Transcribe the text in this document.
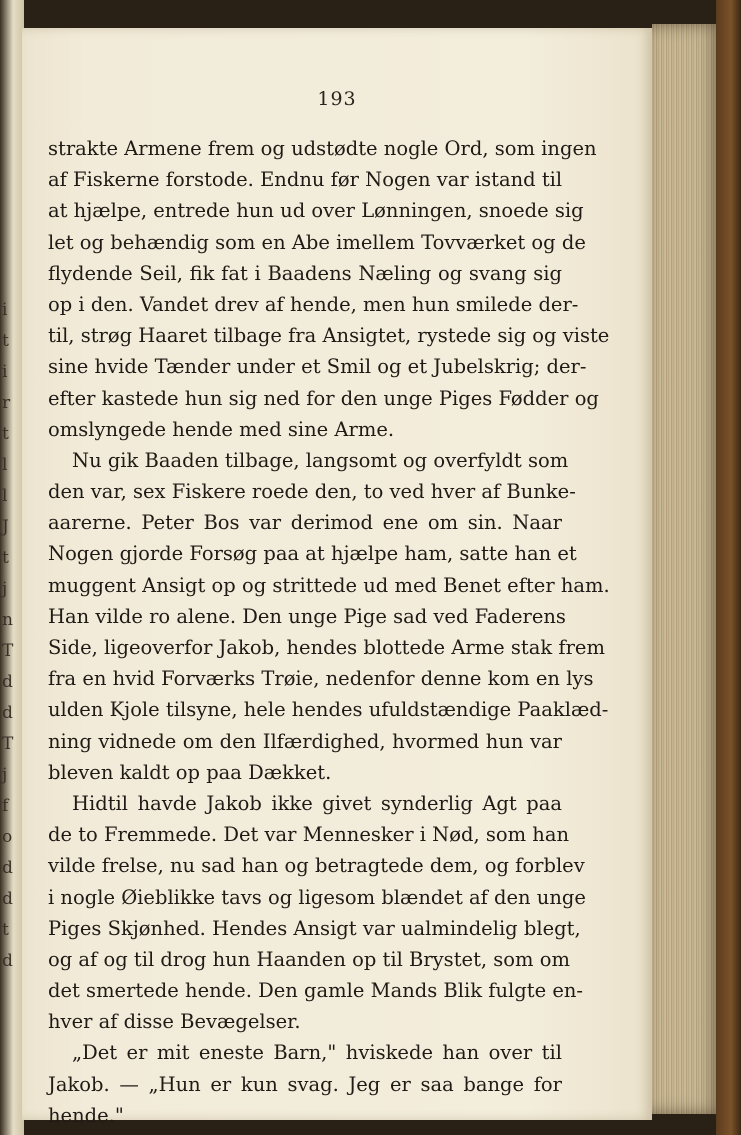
i
t
i
r
t
l
l
J
t
j
n
T
d
d
T
j
f
o
d
d
t
d
193
strakte Armene frem og udstødte nogle Ord, som ingen
af Fiskerne forstode. Endnu før Nogen var istand til
at hjælpe, entrede hun ud over Lønningen, snoede sig
let og behændig som en Abe imellem Tovværket og de
flydende Seil, fik fat i Baadens Næling og svang sig
op i den. Vandet drev af hende, men hun smilede der-
til, strøg Haaret tilbage fra Ansigtet, rystede sig og viste
sine hvide Tænder under et Smil og et Jubelskrig; der-
efter kastede hun sig ned for den unge Piges Fødder og
omslyngede hende med sine Arme.
Nu gik Baaden tilbage, langsomt og overfyldt som
den var, sex Fiskere roede den, to ved hver af Bunke-
aarerne. Peter Bos var derimod ene om sin. Naar
Nogen gjorde Forsøg paa at hjælpe ham, satte han et
muggent Ansigt op og strittede ud med Benet efter ham.
Han vilde ro alene. Den unge Pige sad ved Faderens
Side, ligeoverfor Jakob, hendes blottede Arme stak frem
fra en hvid Forværks Trøie, nedenfor denne kom en lys
ulden Kjole tilsyne, hele hendes ufuldstændige Paaklæd-
ning vidnede om den Ilfærdighed, hvormed hun var
bleven kaldt op paa Dækket.
Hidtil havde Jakob ikke givet synderlig Agt paa
de to Fremmede. Det var Mennesker i Nød, som han
vilde frelse, nu sad han og betragtede dem, og forblev
i nogle Øieblikke tavs og ligesom blændet af den unge
Piges Skjønhed. Hendes Ansigt var ualmindelig blegt,
og af og til drog hun Haanden op til Brystet, som om
det smertede hende. Den gamle Mands Blik fulgte en-
hver af disse Bevægelser.
„Det er mit eneste Barn," hviskede han over til
Jakob. — „Hun er kun svag. Jeg er saa bange for
hende."
